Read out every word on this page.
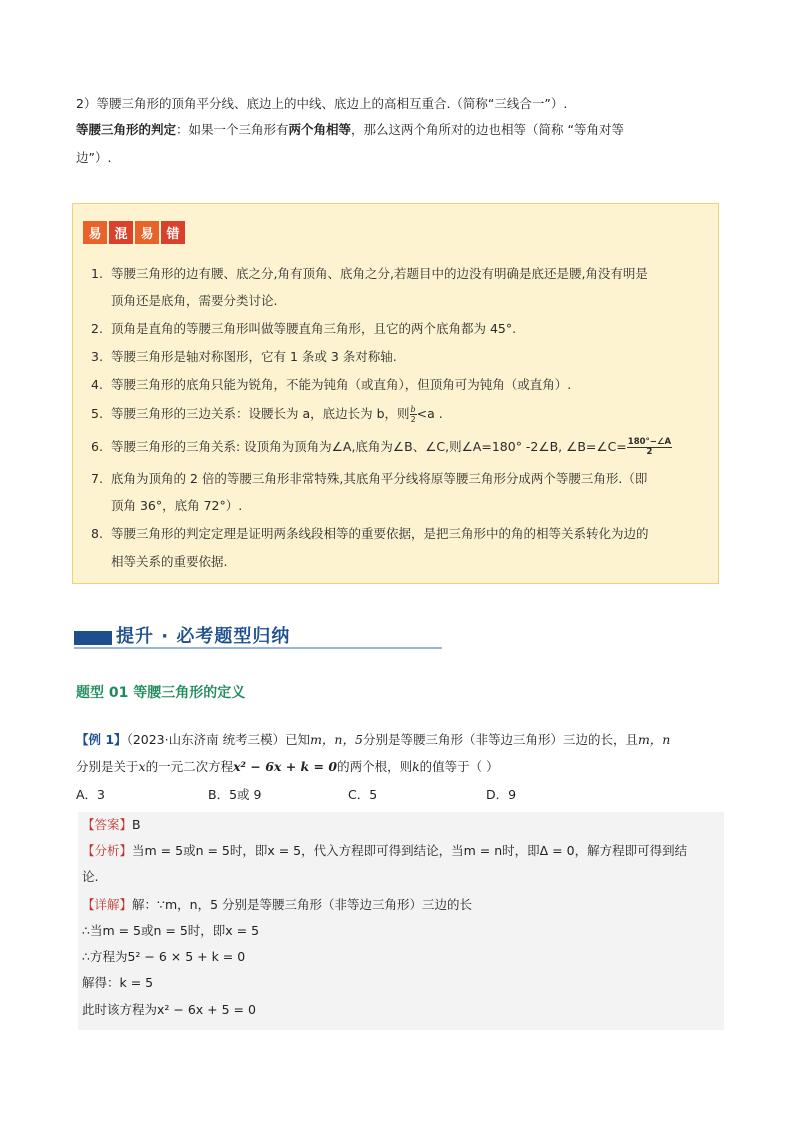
2）等腰三角形的顶角平分线、底边上的中线、底边上的高相互重合.（简称“三线合一”）.
等腰三角形的判定：如果一个三角形有两个角相等，那么这两个角所对的边也相等（简称 “等角对等
边”）.
易 混 易 错
1. 等腰三角形的边有腰、底之分,角有顶角、底角之分,若题目中的边没有明确是底还是腰,角没有明是
顶角还是底角，需要分类讨论.
2. 顶角是直角的等腰三角形叫做等腰直角三角形，且它的两个底角都为 45°.
3. 等腰三角形是轴对称图形，它有 1 条或 3 条对称轴.
4. 等腰三角形的底角只能为锐角，不能为钝角（或直角），但顶角可为钝角（或直角）.
5. 等腰三角形的三边关系：设腰长为 a，底边长为 b，则 $\frac{b}{2} <a$ .
6. 等腰三角形的三角关系: 设顶角为顶角为∠A,底角为∠B、∠C,则∠A=180° -2∠B, ∠B=∠C= $\frac{180^\circ-\angle A}{2}$
7. 底角为顶角的 2 倍的等腰三角形非常特殊,其底角平分线将原等腰三角形分成两个等腰三角形.（即
顶角 36°，底角 72°）.
8. 等腰三角形的判定定理是证明两条线段相等的重要依据，是把三角形中的角的相等关系转化为边的
相等关系的重要依据.
提升 · 必考题型归纳
题型 01 等腰三角形的定义
【例 1】（2023·山东济南 统考三模）已知m，n，5分别是等腰三角形（非等边三角形）三边的长，且m，n
分别是关于x的一元二次方程x² − 6x + k = 0的两个根，则k的值等于（ ）
A．3	B．5或 9	C．5	D．9
【答案】B
【分析】当m = 5或n = 5时，即x = 5，代入方程即可得到结论，当m = n时，即Δ = 0，解方程即可得到结
论.
【详解】解：∵m，n，5 分别是等腰三角形（非等边三角形）三边的长
∴当m = 5或n = 5时，即x = 5
∴方程为5² − 6 × 5 + k = 0
解得：k = 5
此时该方程为x² − 6x + 5 = 0
